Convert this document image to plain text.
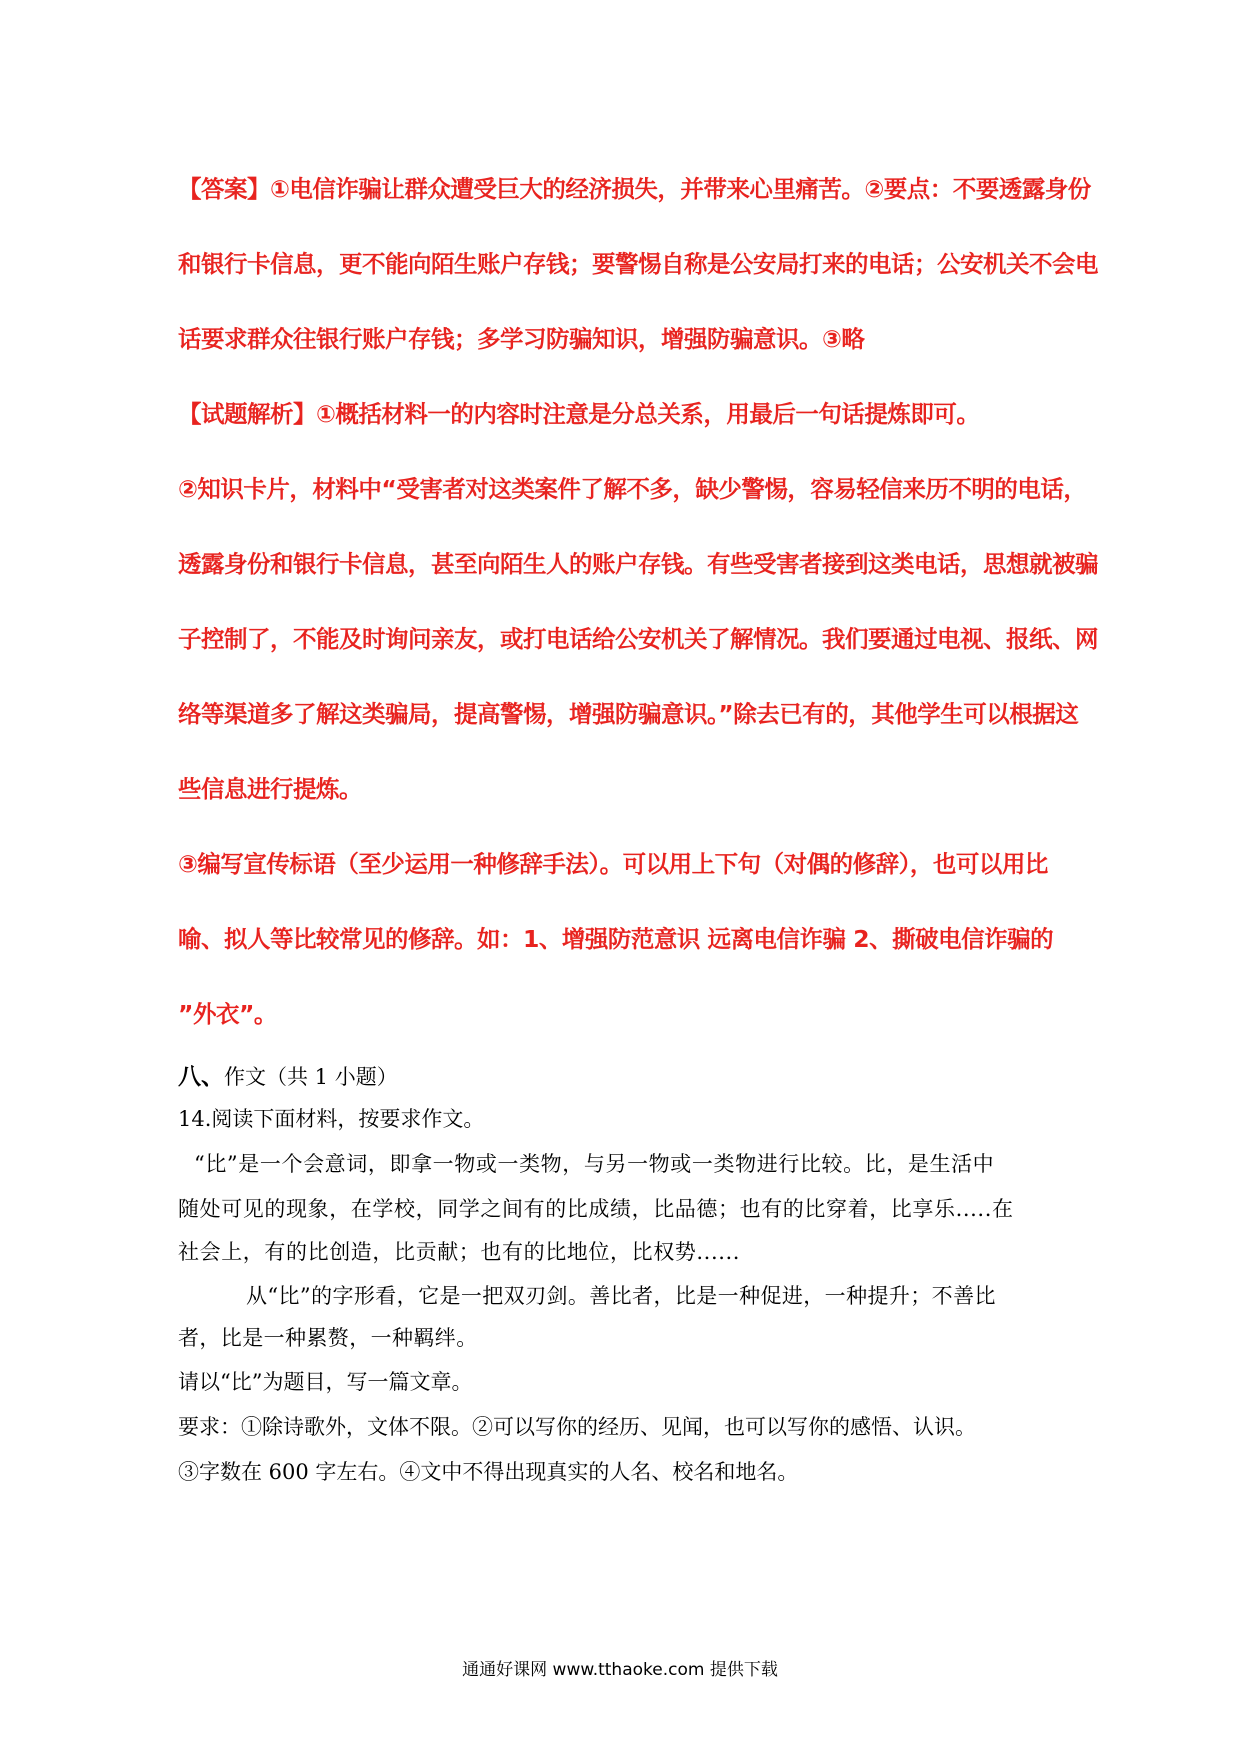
【答案】①电信诈骗让群众遭受巨大的经济损失，并带来心里痛苦。②要点：不要透露身份
和银行卡信息，更不能向陌生账户存钱；要警惕自称是公安局打来的电话；公安机关不会电
话要求群众往银行账户存钱；多学习防骗知识，增强防骗意识。③略
【试题解析】①概括材料一的内容时注意是分总关系，用最后一句话提炼即可。
②知识卡片，材料中“受害者对这类案件了解不多，缺少警惕，容易轻信来历不明的电话，
透露身份和银行卡信息，甚至向陌生人的账户存钱。有些受害者接到这类电话，思想就被骗
子控制了，不能及时询问亲友，或打电话给公安机关了解情况。我们要通过电视、报纸、网
络等渠道多了解这类骗局，提高警惕，增强防骗意识。”除去已有的，其他学生可以根据这
些信息进行提炼。
③编写宣传标语（至少运用一种修辞手法）。可以用上下句（对偶的修辞），也可以用比
喻、拟人等比较常见的修辞。如：1、增强防范意识 远离电信诈骗 2、撕破电信诈骗的
”外衣”。
八、作文（共 1 小题）
14.阅读下面材料，按要求作文。
“比”是一个会意词，即拿一物或一类物，与另一物或一类物进行比较。比，是生活中
随处可见的现象，在学校，同学之间有的比成绩，比品德；也有的比穿着，比享乐.....在
社会上，有的比创造，比贡献；也有的比地位，比权势......
从“比”的字形看，它是一把双刃剑。善比者，比是一种促进，一种提升；不善比
者，比是一种累赘，一种羁绊。
请以“比”为题目，写一篇文章。
要求：①除诗歌外，文体不限。②可以写你的经历、见闻，也可以写你的感悟、认识。
③字数在 600 字左右。④文中不得出现真实的人名、校名和地名。
通通好课网 www.tthaoke.com 提供下载
